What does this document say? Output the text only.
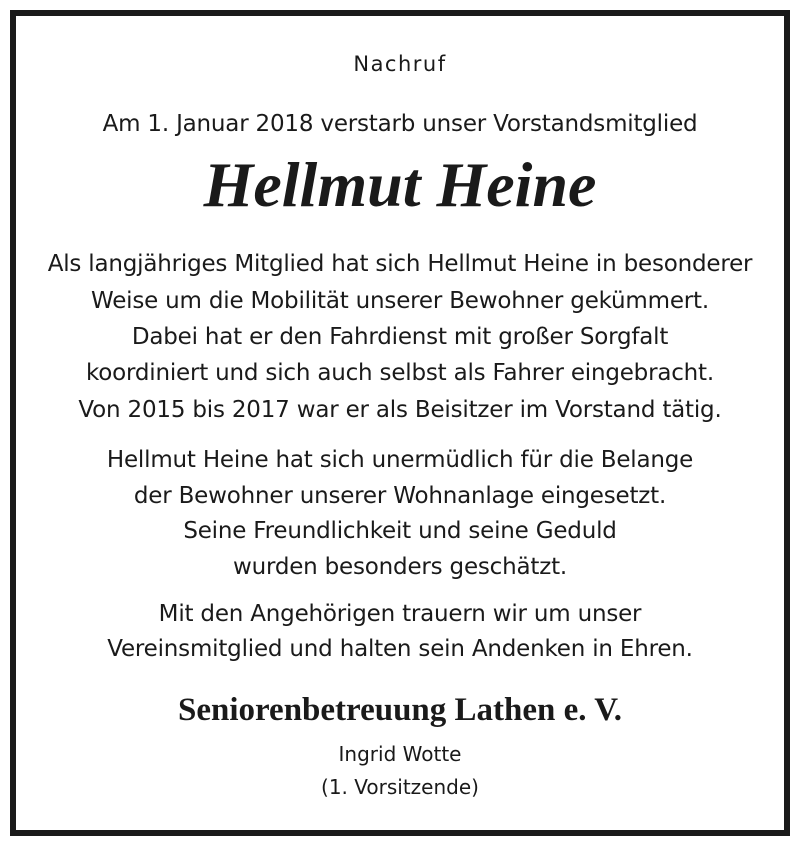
Nachruf
Am 1. Januar 2018 verstarb unser Vorstandsmitglied
Hellmut Heine
Als langjähriges Mitglied hat sich Hellmut Heine in besonderer
Weise um die Mobilität unserer Bewohner gekümmert.
Dabei hat er den Fahrdienst mit großer Sorgfalt
koordiniert und sich auch selbst als Fahrer eingebracht.
Von 2015 bis 2017 war er als Beisitzer im Vorstand tätig.
Hellmut Heine hat sich unermüdlich für die Belange
der Bewohner unserer Wohnanlage eingesetzt.
Seine Freundlichkeit und seine Geduld
wurden besonders geschätzt.
Mit den Angehörigen trauern wir um unser
Vereinsmitglied und halten sein Andenken in Ehren.
Seniorenbetreuung Lathen e. V.
Ingrid Wotte
(1. Vorsitzende)
